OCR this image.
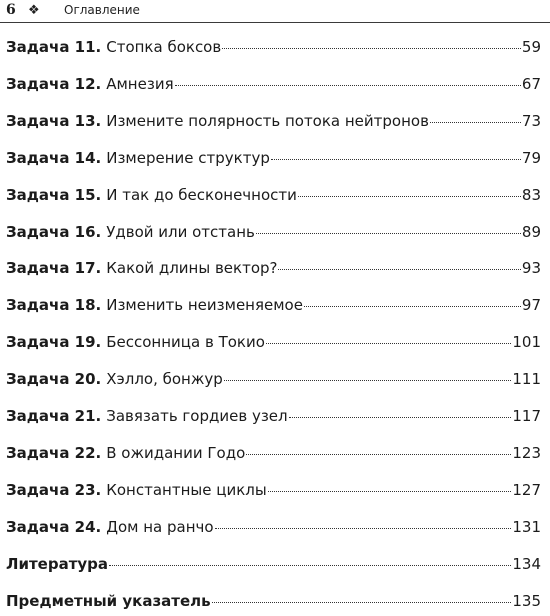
6 ❖	Оглавление
Задача 11. Стопка боксов	59
Задача 12. Амнезия	67
Задача 13. Измените полярность потока нейтронов	73
Задача 14. Измерение структур	79
Задача 15. И так до бесконечности	83
Задача 16. Удвой или отстань	89
Задача 17. Какой длины вектор?	93
Задача 18. Изменить неизменяемое	97
Задача 19. Бессонница в Токио	101
Задача 20. Хэлло, бонжур	111
Задача 21. Завязать гордиев узел	117
Задача 22. В ожидании Годо	123
Задача 23. Константные циклы	127
Задача 24. Дом на ранчо	131
Литература	134
Предметный указатель	135
